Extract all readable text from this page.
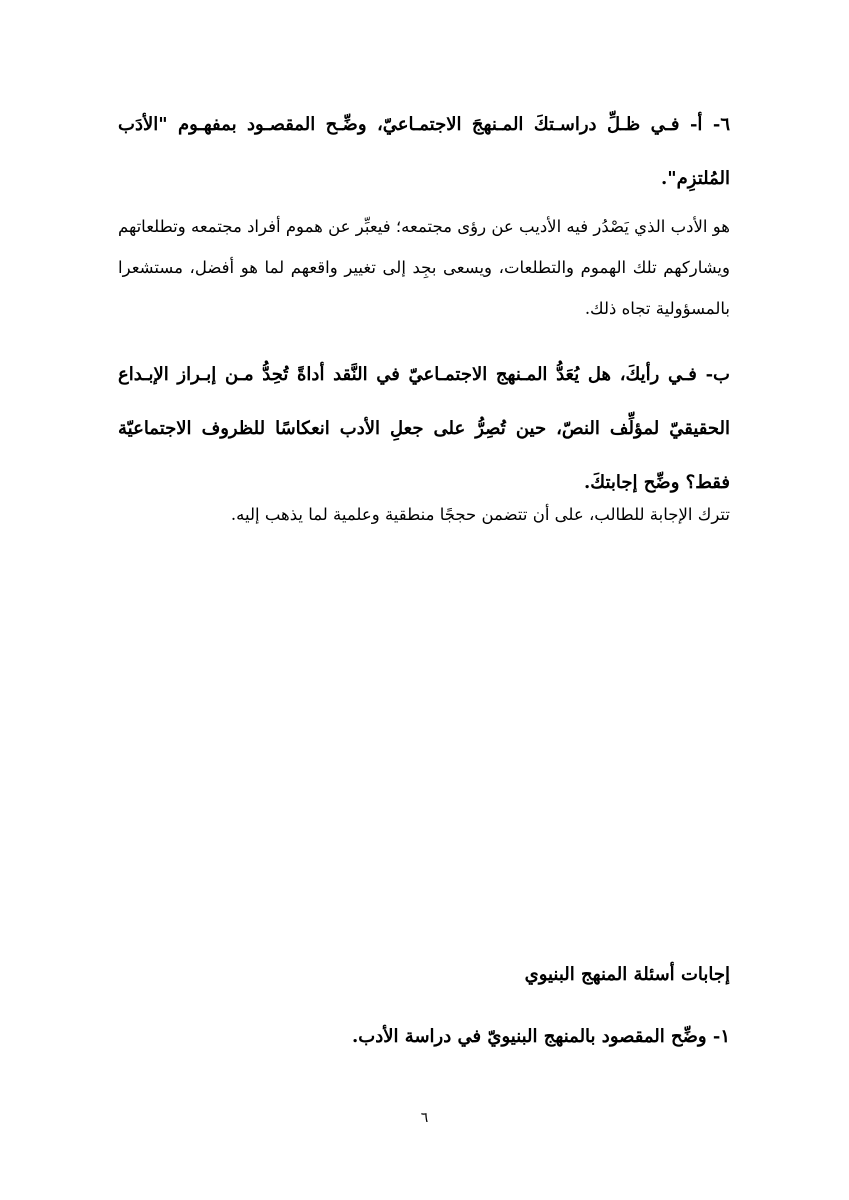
٦- أ- فـي ظـلِّ دراسـتكَ المـنهجَ الاجتمـاعيّ، وضِّـح المقصـود بمفهـوم "الأدَب المُلتزِم".
هو الأدب الذي يَصْدُر فيه الأديب عن رؤى مجتمعه؛ فيعبِّر عن هموم أفراد مجتمعه وتطلعاتهم ويشاركهم تلك الهموم والتطلعات، ويسعى بجِد إلى تغيير واقعهم لما هو أفضل، مستشعرا بالمسؤولية تجاه ذلك.
ب- فـي رأيكَ، هل يُعَدُّ المـنهج الاجتمـاعيّ في النَّقد أداةً تُحِدُّ مـن إبـراز الإبـداع الحقيقيّ لمؤلِّف النصّ، حين تُصِرُّ على جعلِ الأدب انعكاسًا للظروف الاجتماعيّة فقط؟ وضِّح إجابتكَ.
تترك الإجابة للطالب، على أن تتضمن حججًا منطقية وعلمية لما يذهب إليه.
إجابات أسئلة المنهج البنيوي
١- وضِّح المقصود بالمنهج البنيويّ في دراسة الأدب.
٦
